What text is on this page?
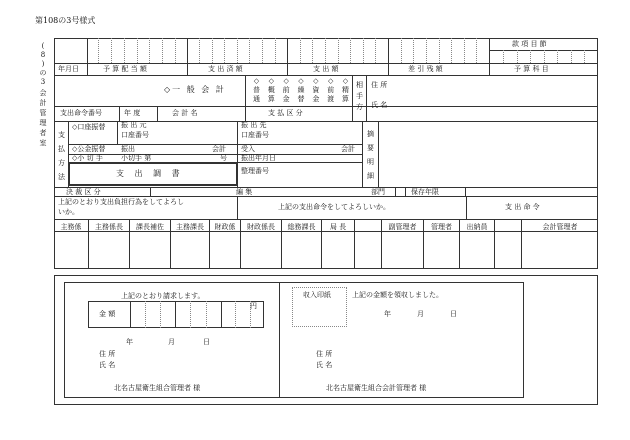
第108の3号様式
(
8
)
の
3
会
計
管
理
者
室
款 項 目 節
年月日	予 算 配 当 額	支 出 済 額	支 出 額	差 引 残 額	予 算 科 目
◇一 般 会 計
◇
普
通
◇
概
算
◇
前
金
◇
繰
替
◇
資
金
◇
前
渡
◇
精
算
相
手
方
住 所
氏 名
支出命令番号	年 度	会 計 名	支 払 区 分
支
払
方
法
◇口座振替 振 出 元
口座番号
振 出 先
口座番号
◇公金振替 振出	会計 受入	会計
◇小 切 手	小切手 第	号 振出年月日
支 出 調 書	整理番号
摘
要
明
細
決 裁 区 分	編 集	部門	保存年限
上記のとおり支出負担行為をしてよろし
いか。
上記の支出命令をしてよろしいか。	支 出 命 令
主務係	主務係長	課長補佐	主務課長	財政係	財政係長	総務課長	局 長	副管理者	管理者	出納員	会計管理者
上記のとおり請求します。
金 額
円
年	月	日
住 所
氏 名
北名古屋衛生組合管理者 様
収入印紙	上記の金額を領収しました。
年	月	日
住 所
氏 名
北名古屋衛生組合会計管理者 様
